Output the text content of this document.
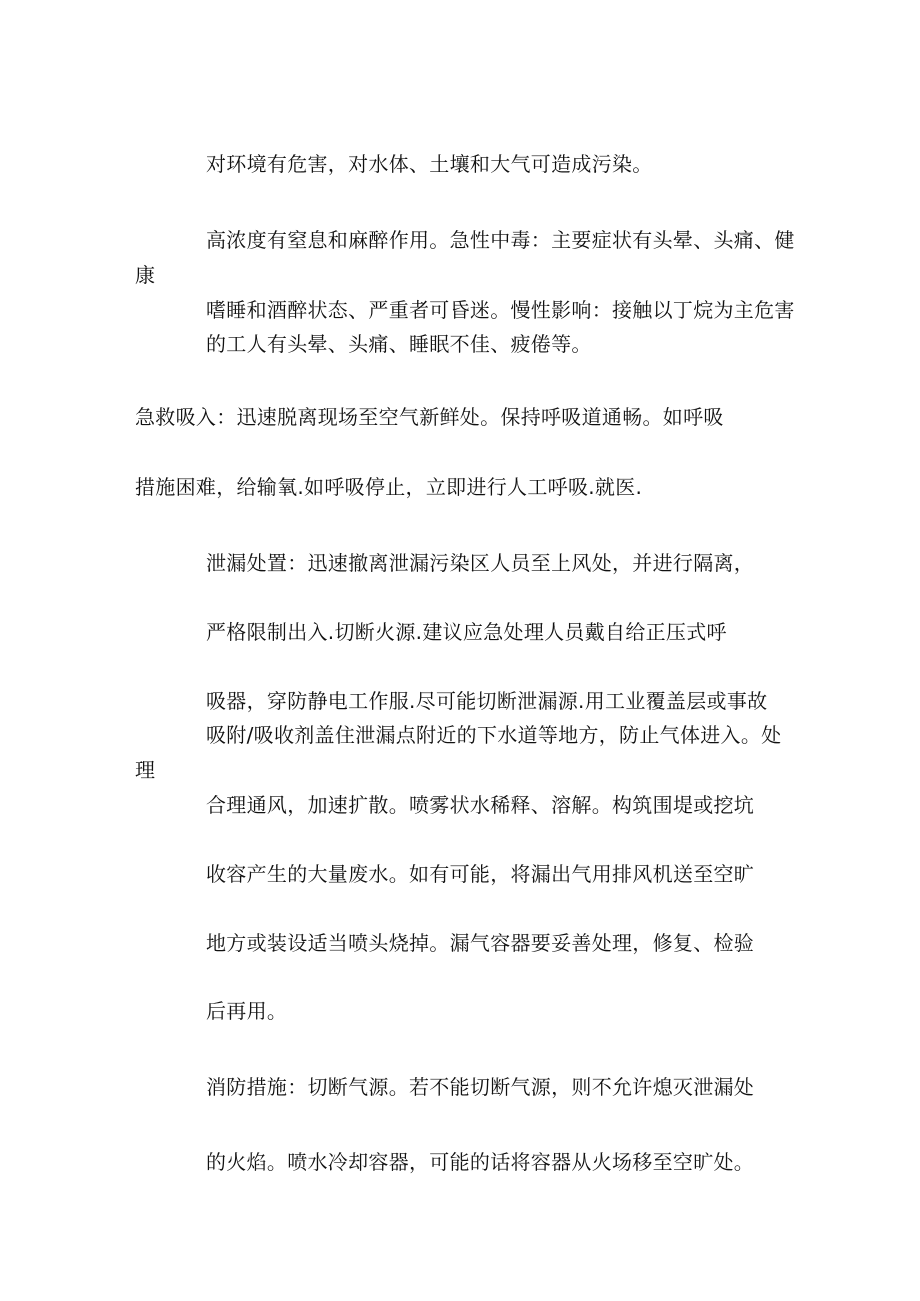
对环境有危害，对水体、土壤和大气可造成污染。
高浓度有窒息和麻醉作用。急性中毒：主要症状有头晕、头痛、健
康
嗜睡和酒醉状态、严重者可昏迷。慢性影响：接触以丁烷为主危害
的工人有头晕、头痛、睡眠不佳、疲倦等。
急救吸入：迅速脱离现场至空气新鲜处。保持呼吸道通畅。如呼吸
措施困难，给输氧.如呼吸停止，立即进行人工呼吸.就医.
泄漏处置：迅速撤离泄漏污染区人员至上风处，并进行隔离，
严格限制出入.切断火源.建议应急处理人员戴自给正压式呼
吸器，穿防静电工作服.尽可能切断泄漏源.用工业覆盖层或事故
吸附/吸收剂盖住泄漏点附近的下水道等地方，防止气体进入。处
理
合理通风，加速扩散。喷雾状水稀释、溶解。构筑围堤或挖坑
收容产生的大量废水。如有可能，将漏出气用排风机送至空旷
地方或装设适当喷头烧掉。漏气容器要妥善处理，修复、检验
后再用。
消防措施：切断气源。若不能切断气源，则不允许熄灭泄漏处
的火焰。喷水冷却容器，可能的话将容器从火场移至空旷处。
